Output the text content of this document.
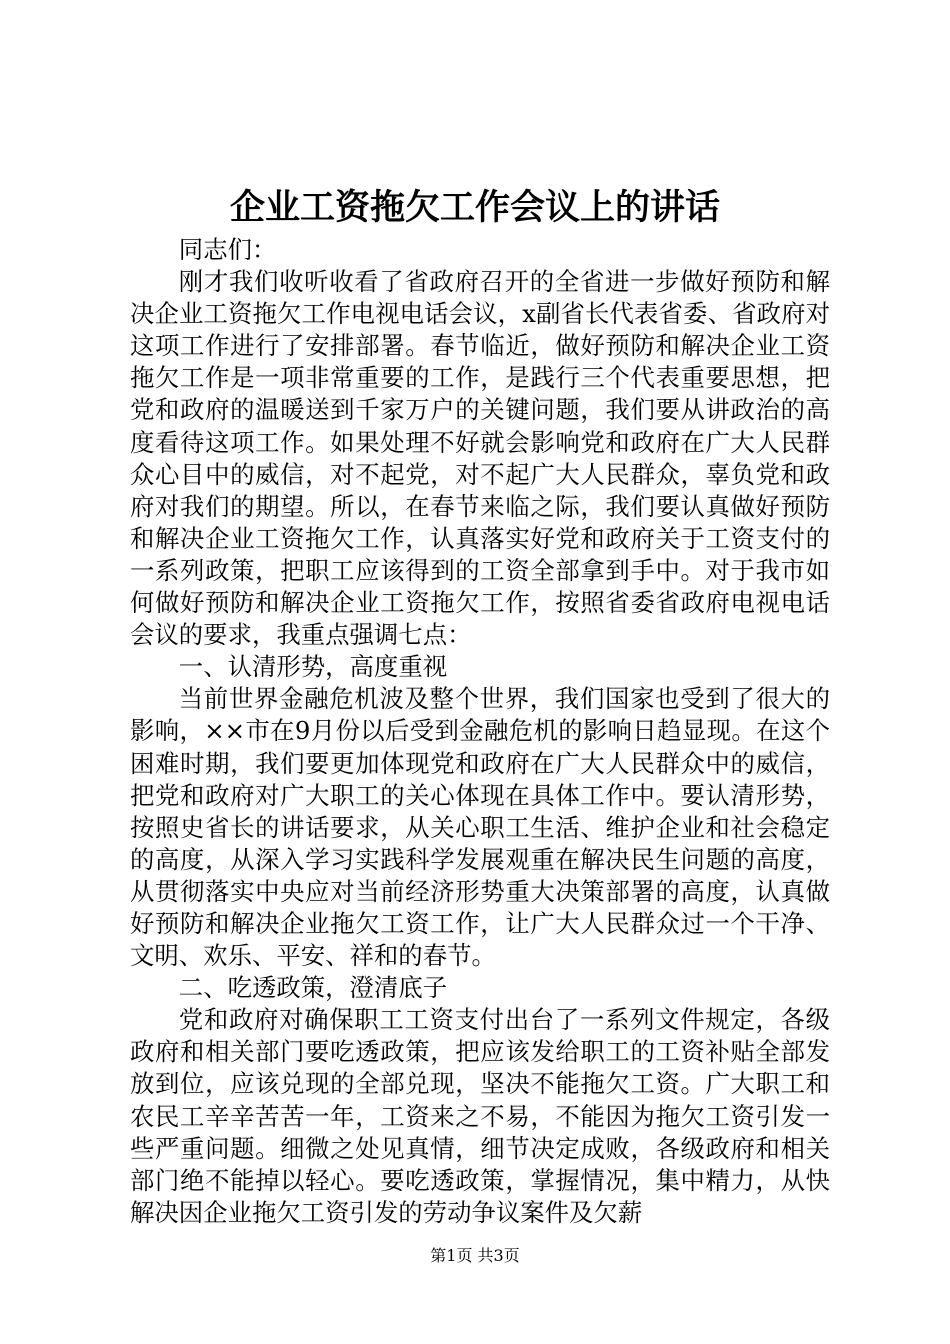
企业工资拖欠工作会议上的讲话

同志们：

刚才我们收听收看了省政府召开的全省进一步做好预防和解决企业工资拖欠工作电视电话会议，x副省长代表省委、省政府对这项工作进行了安排部署。春节临近，做好预防和解决企业工资拖欠工作是一项非常重要的工作，是践行三个代表重要思想，把党和政府的温暖送到千家万户的关键问题，我们要从讲政治的高度看待这项工作。如果处理不好就会影响党和政府在广大人民群众心目中的威信，对不起党，对不起广大人民群众，辜负党和政府对我们的期望。所以，在春节来临之际，我们要认真做好预防和解决企业工资拖欠工作，认真落实好党和政府关于工资支付的一系列政策，把职工应该得到的工资全部拿到手中。对于我市如何做好预防和解决企业工资拖欠工作，按照省委省政府电视电话会议的要求，我重点强调七点：

一、认清形势，高度重视

当前世界金融危机波及整个世界，我们国家也受到了很大的影响，××市在9月份以后受到金融危机的影响日趋显现。在这个困难时期，我们要更加体现党和政府在广大人民群众中的威信，把党和政府对广大职工的关心体现在具体工作中。要认清形势，按照史省长的讲话要求，从关心职工生活、维护企业和社会稳定的高度，从深入学习实践科学发展观重在解决民生问题的高度，从贯彻落实中央应对当前经济形势重大决策部署的高度，认真做好预防和解决企业拖欠工资工作，让广大人民群众过一个干净、文明、欢乐、平安、祥和的春节。

二、吃透政策，澄清底子

党和政府对确保职工工资支付出台了一系列文件规定，各级政府和相关部门要吃透政策，把应该发给职工的工资补贴全部发放到位，应该兑现的全部兑现，坚决不能拖欠工资。广大职工和农民工辛辛苦苦一年，工资来之不易，不能因为拖欠工资引发一些严重问题。细微之处见真情，细节决定成败，各级政府和相关部门绝不能掉以轻心。要吃透政策，掌握情况，集中精力，从快解决因企业拖欠工资引发的劳动争议案件及欠薪

第1页 共3页
